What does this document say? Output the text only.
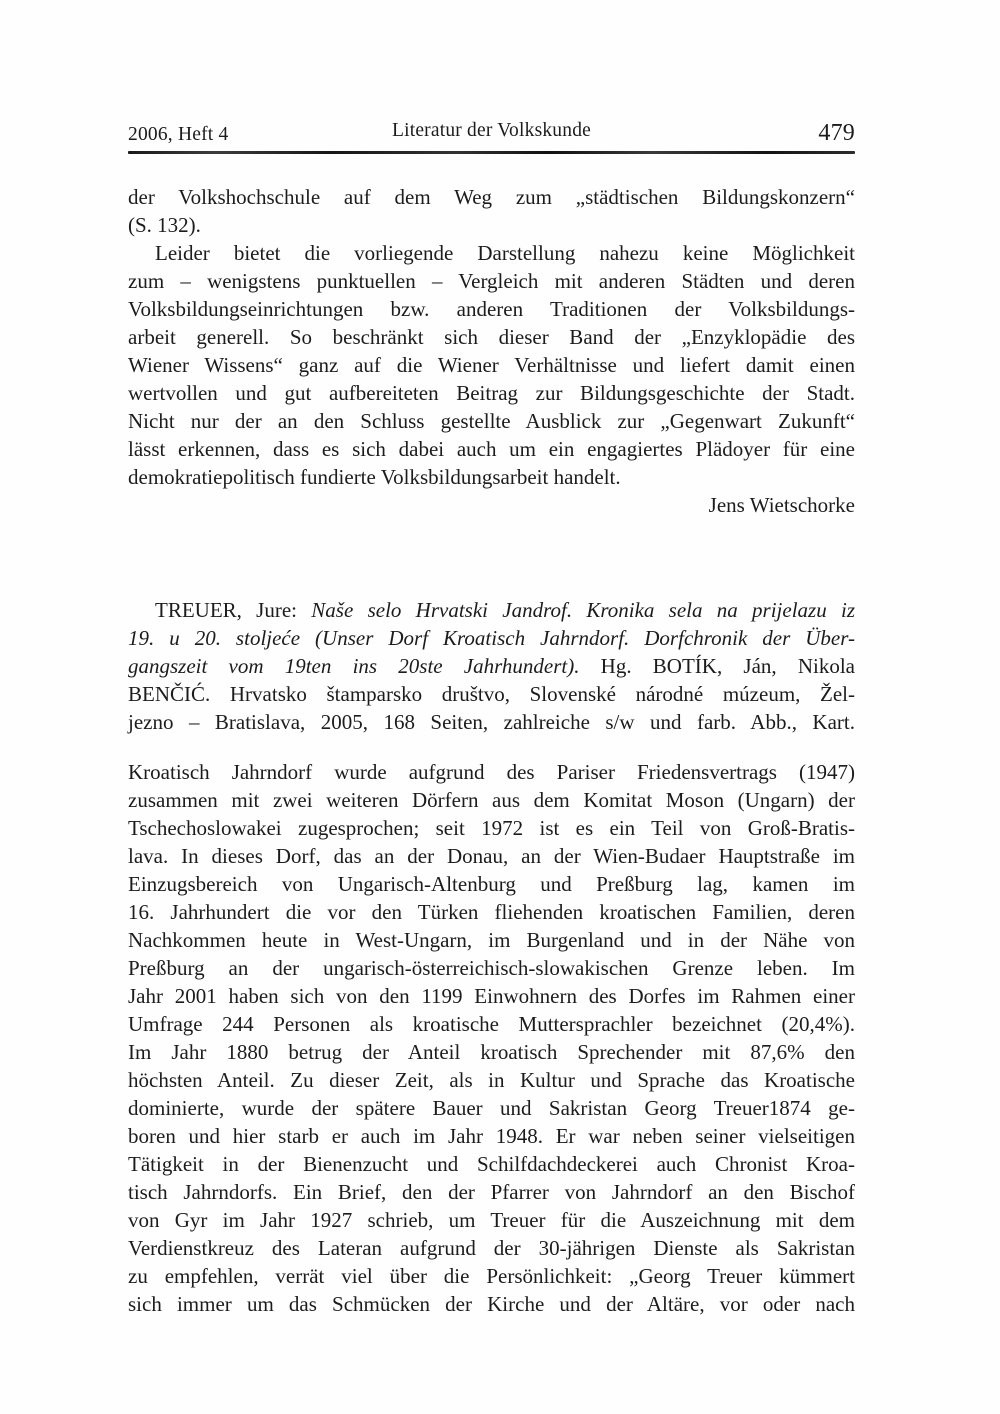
2006, Heft 4	Literatur der Volkskunde	479
der Volkshochschule auf dem Weg zum „städtischen Bildungskonzern“
(S. 132).
Leider bietet die vorliegende Darstellung nahezu keine Möglichkeit
zum – wenigstens punktuellen – Vergleich mit anderen Städten und deren
Volksbildungseinrichtungen bzw. anderen Traditionen der Volksbildungs-
arbeit generell. So beschränkt sich dieser Band der „Enzyklopädie des
Wiener Wissens“ ganz auf die Wiener Verhältnisse und liefert damit einen
wertvollen und gut aufbereiteten Beitrag zur Bildungsgeschichte der Stadt.
Nicht nur der an den Schluss gestellte Ausblick zur „Gegenwart Zukunft“
lässt erkennen, dass es sich dabei auch um ein engagiertes Plädoyer für eine
demokratiepolitisch fundierte Volksbildungsarbeit handelt.
Jens Wietschorke
TREUER, Jure: Naše selo Hrvatski Jandrof. Kronika sela na prijelazu iz
19. u 20. stoljeće (Unser Dorf Kroatisch Jahrndorf. Dorfchronik der Über-
gangszeit vom 19ten ins 20ste Jahrhundert). Hg. BOTÍK, Ján, Nikola
BENČIĆ. Hrvatsko štamparsko društvo, Slovenské národné múzeum, Žel-
jezno – Bratislava, 2005, 168 Seiten, zahlreiche s/w und farb. Abb., Kart.
Kroatisch Jahrndorf wurde aufgrund des Pariser Friedensvertrags (1947)
zusammen mit zwei weiteren Dörfern aus dem Komitat Moson (Ungarn) der
Tschechoslowakei zugesprochen; seit 1972 ist es ein Teil von Groß-Bratis-
lava. In dieses Dorf, das an der Donau, an der Wien-Budaer Hauptstraße im
Einzugsbereich von Ungarisch-Altenburg und Preßburg lag, kamen im
16. Jahrhundert die vor den Türken fliehenden kroatischen Familien, deren
Nachkommen heute in West-Ungarn, im Burgenland und in der Nähe von
Preßburg an der ungarisch-österreichisch-slowakischen Grenze leben. Im
Jahr 2001 haben sich von den 1199 Einwohnern des Dorfes im Rahmen einer
Umfrage 244 Personen als kroatische Muttersprachler bezeichnet (20,4%).
Im Jahr 1880 betrug der Anteil kroatisch Sprechender mit 87,6% den
höchsten Anteil. Zu dieser Zeit, als in Kultur und Sprache das Kroatische
dominierte, wurde der spätere Bauer und Sakristan Georg Treuer1874 ge-
boren und hier starb er auch im Jahr 1948. Er war neben seiner vielseitigen
Tätigkeit in der Bienenzucht und Schilfdachdeckerei auch Chronist Kroa-
tisch Jahrndorfs. Ein Brief, den der Pfarrer von Jahrndorf an den Bischof
von Gyr im Jahr 1927 schrieb, um Treuer für die Auszeichnung mit dem
Verdienstkreuz des Lateran aufgrund der 30-jährigen Dienste als Sakristan
zu empfehlen, verrät viel über die Persönlichkeit: „Georg Treuer kümmert
sich immer um das Schmücken der Kirche und der Altäre, vor oder nach
